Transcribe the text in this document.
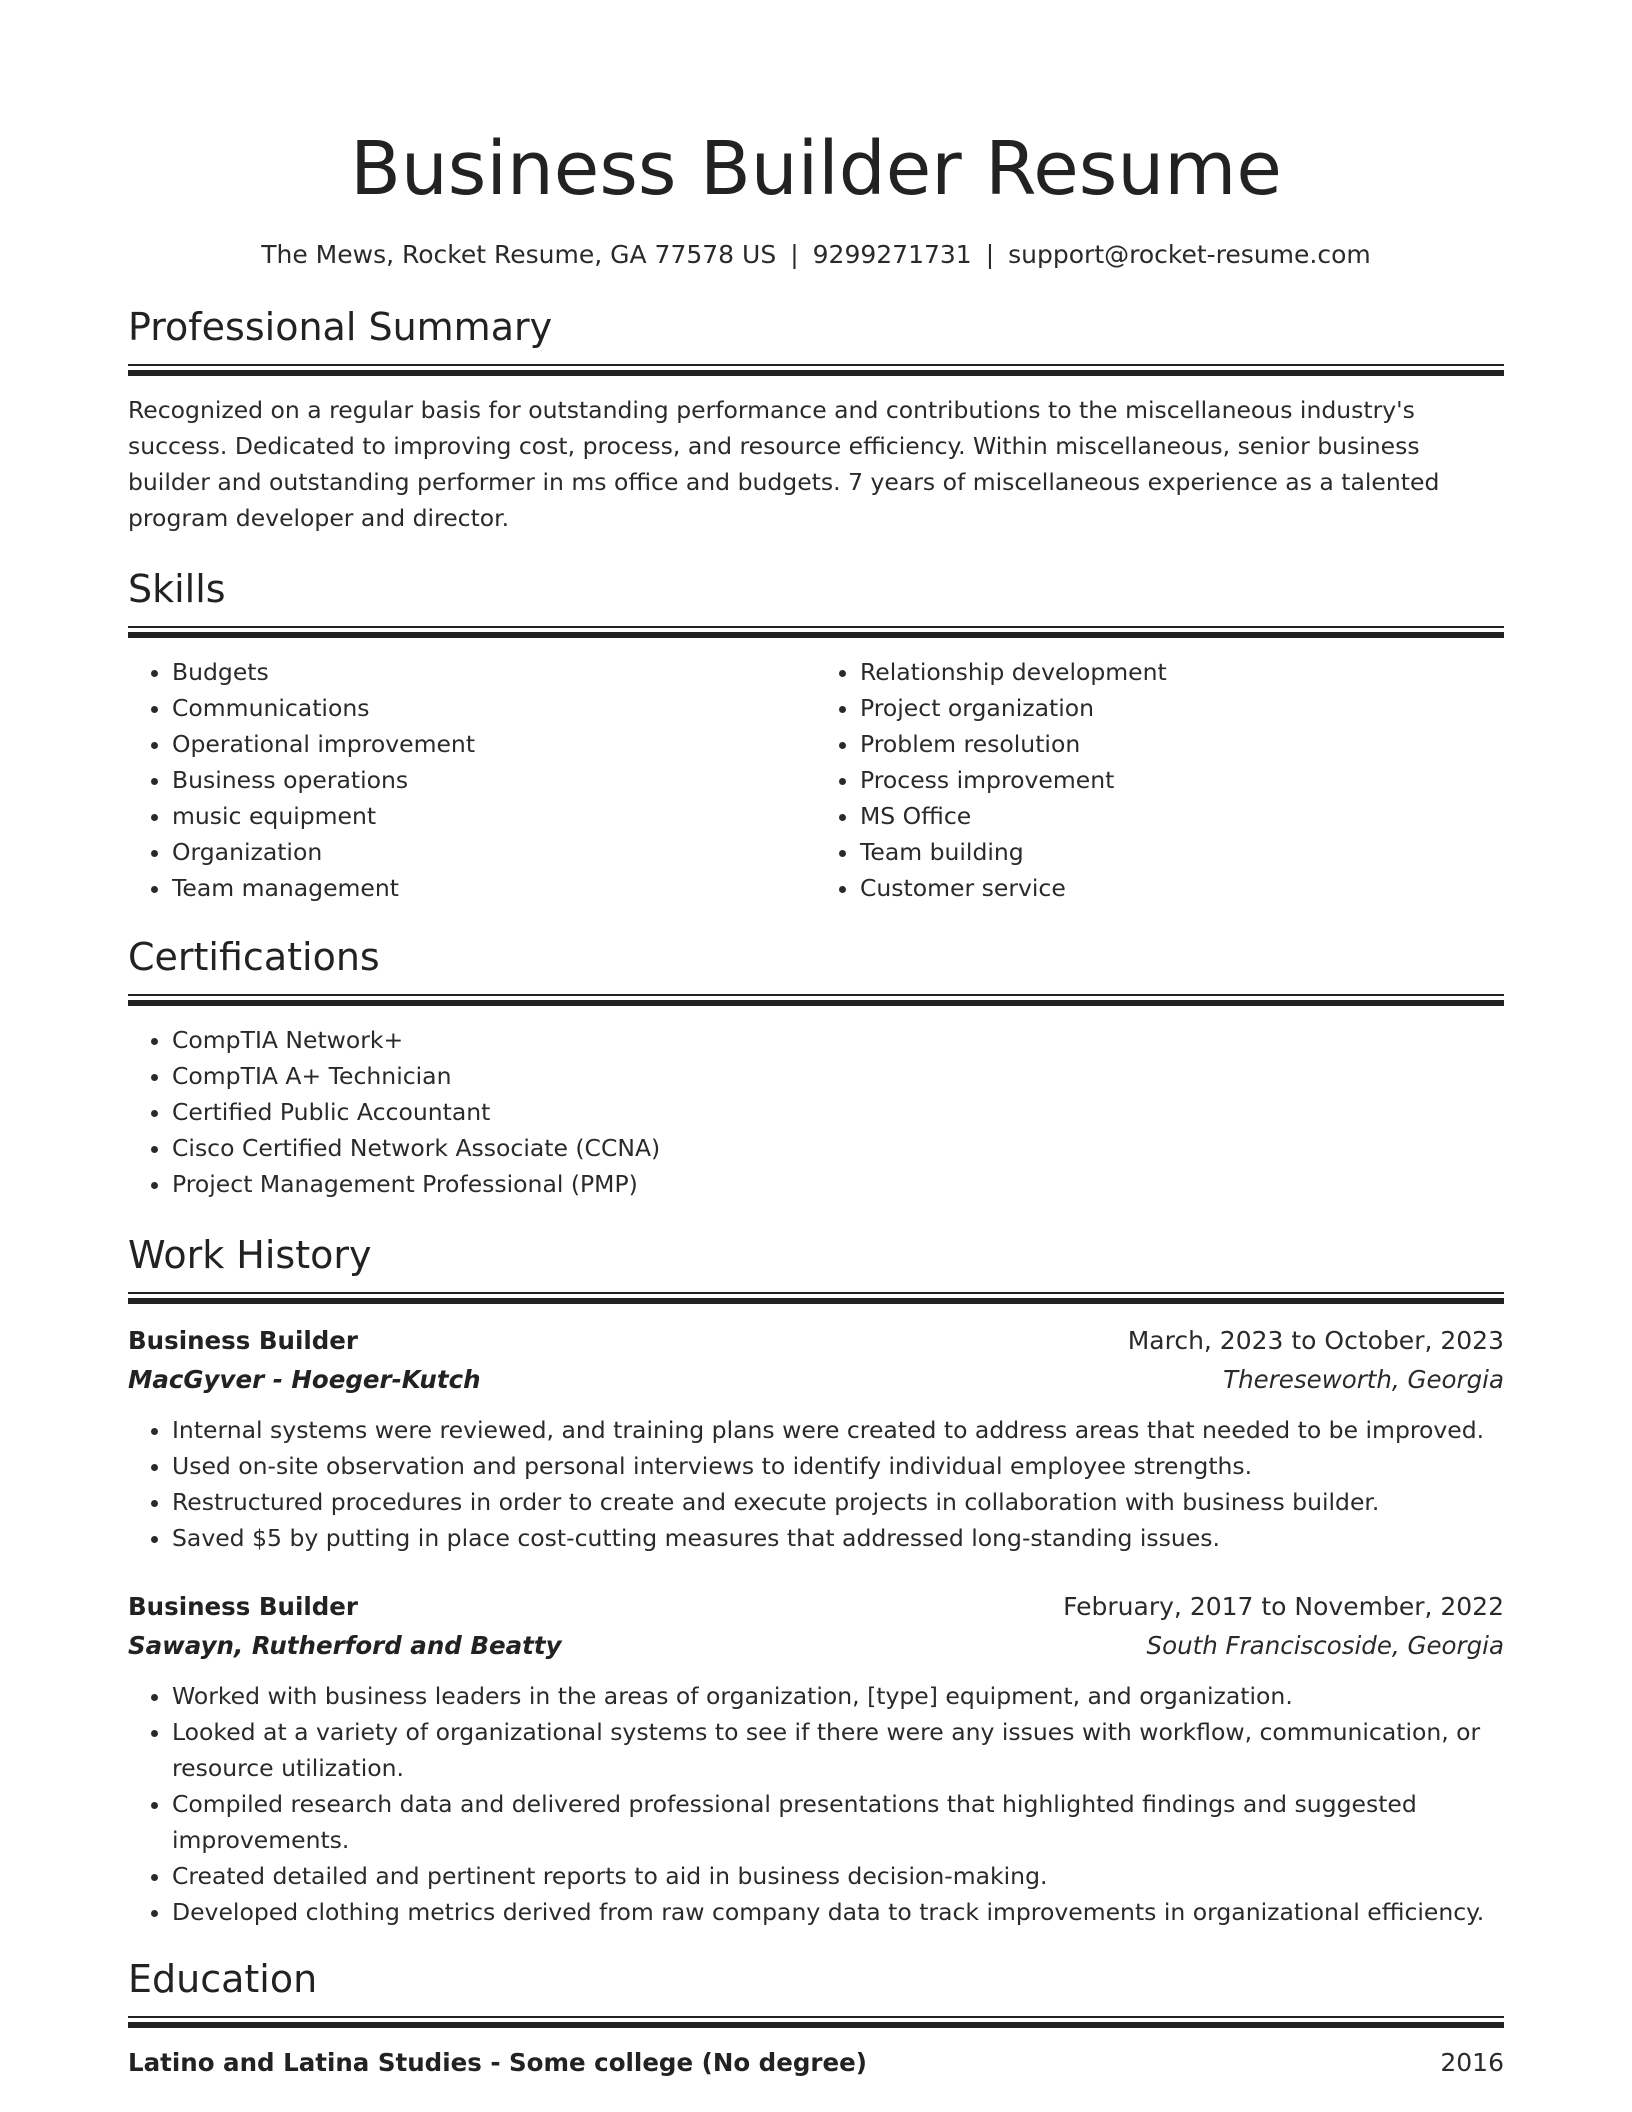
Business Builder Resume
The Mews, Rocket Resume, GA 77578 US | 9299271731 | support@rocket-resume.com
Professional Summary
Recognized on a regular basis for outstanding performance and contributions to the miscellaneous industry's success. Dedicated to improving cost, process, and resource efficiency. Within miscellaneous, senior business builder and outstanding performer in ms office and budgets. 7 years of miscellaneous experience as a talented program developer and director.
Skills
• Budgets
• Communications
• Operational improvement
• Business operations
• music equipment
• Organization
• Team management
• Relationship development
• Project organization
• Problem resolution
• Process improvement
• MS Office
• Team building
• Customer service
Certifications
• CompTIA Network+
• CompTIA A+ Technician
• Certified Public Accountant
• Cisco Certified Network Associate (CCNA)
• Project Management Professional (PMP)
Work History
Business Builder	March, 2023 to October, 2023
MacGyver - Hoeger-Kutch	Thereseworth, Georgia
• Internal systems were reviewed, and training plans were created to address areas that needed to be improved.
• Used on-site observation and personal interviews to identify individual employee strengths.
• Restructured procedures in order to create and execute projects in collaboration with business builder.
• Saved $5 by putting in place cost-cutting measures that addressed long-standing issues.
Business Builder	February, 2017 to November, 2022
Sawayn, Rutherford and Beatty	South Franciscoside, Georgia
• Worked with business leaders in the areas of organization, [type] equipment, and organization.
• Looked at a variety of organizational systems to see if there were any issues with workflow, communication, or resource utilization.
• Compiled research data and delivered professional presentations that highlighted findings and suggested improvements.
• Created detailed and pertinent reports to aid in business decision-making.
• Developed clothing metrics derived from raw company data to track improvements in organizational efficiency.
Education
Latino and Latina Studies - Some college (No degree)	2016
